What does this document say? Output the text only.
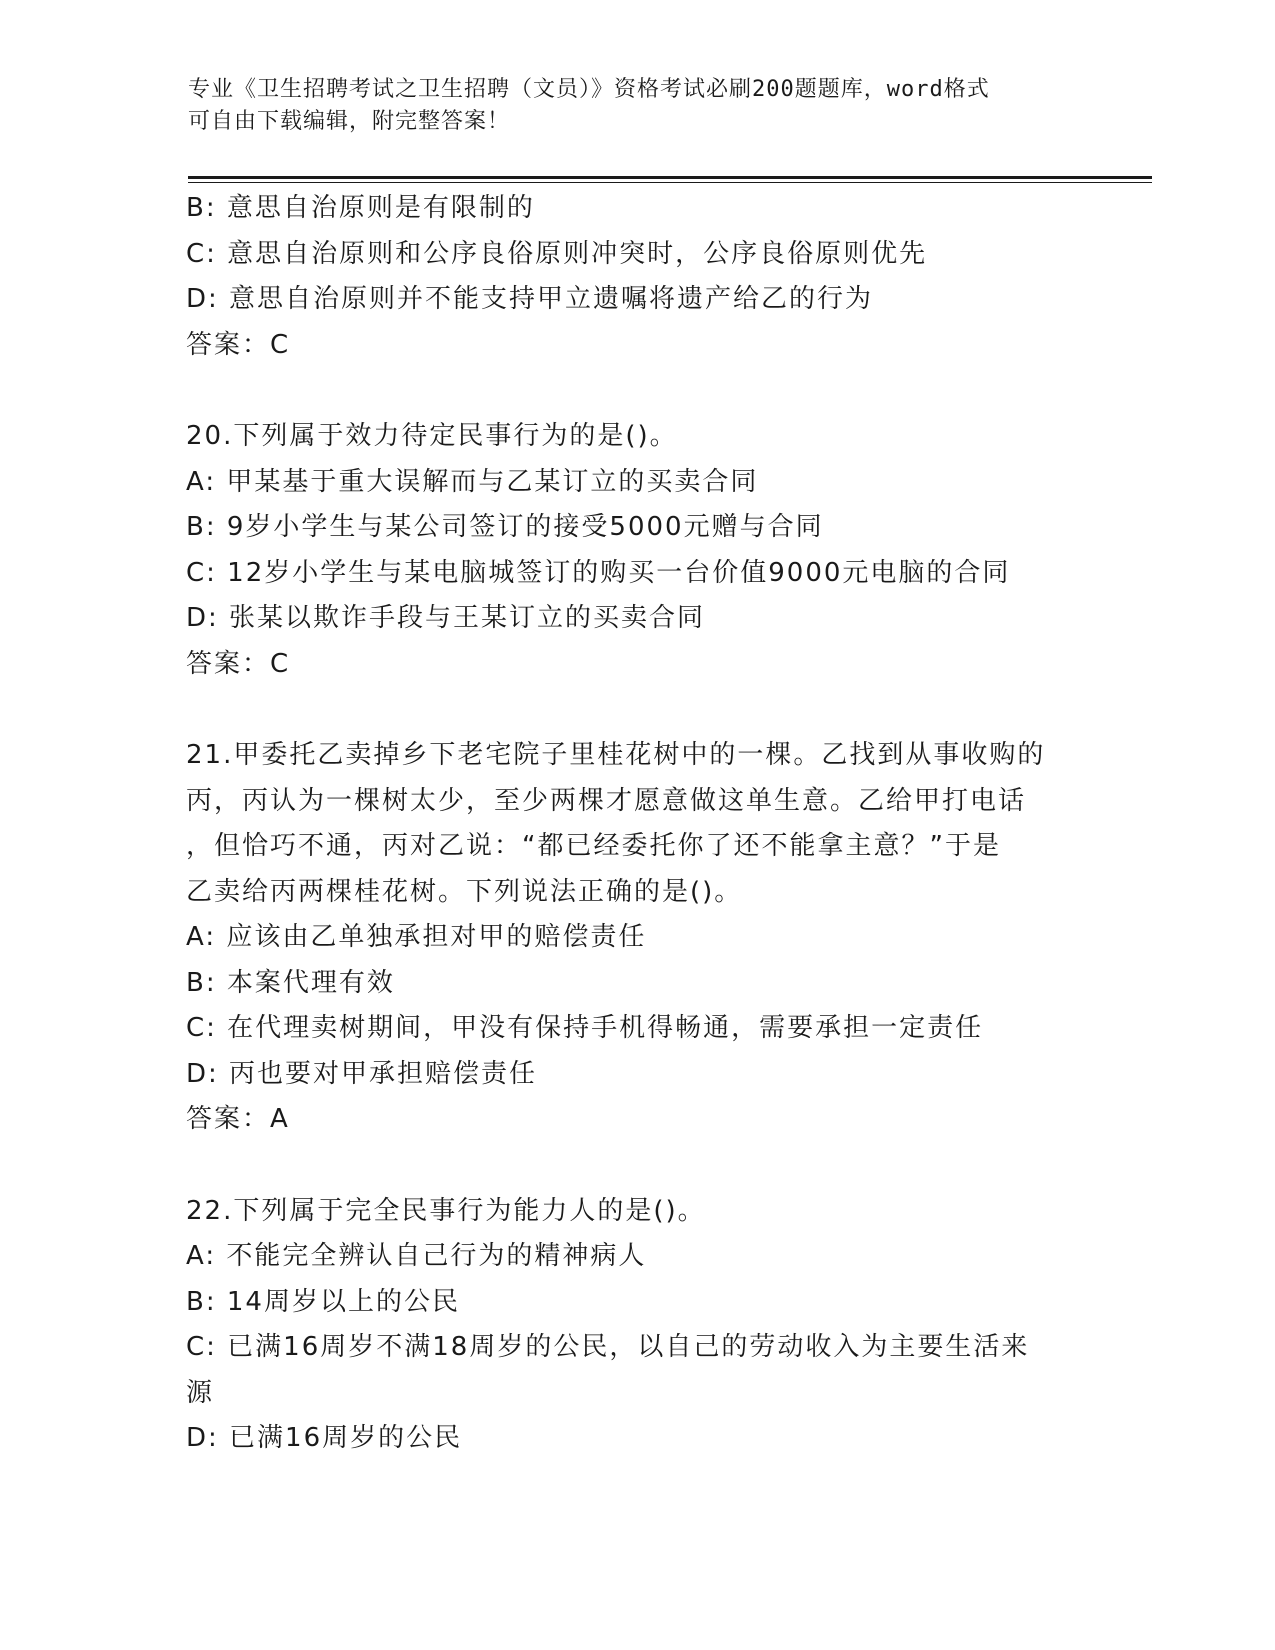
专业《卫生招聘考试之卫生招聘（文员）》资格考试必刷200题题库，word格式
可自由下载编辑，附完整答案！
B: 意思自治原则是有限制的
C: 意思自治原则和公序良俗原则冲突时，公序良俗原则优先
D: 意思自治原则并不能支持甲立遗嘱将遗产给乙的行为
答案：C
20.下列属于效力待定民事行为的是()。
A: 甲某基于重大误解而与乙某订立的买卖合同
B: 9岁小学生与某公司签订的接受5000元赠与合同
C: 12岁小学生与某电脑城签订的购买一台价值9000元电脑的合同
D: 张某以欺诈手段与王某订立的买卖合同
答案：C
21.甲委托乙卖掉乡下老宅院子里桂花树中的一棵。乙找到从事收购的
丙，丙认为一棵树太少，至少两棵才愿意做这单生意。乙给甲打电话
，但恰巧不通，丙对乙说：“都已经委托你了还不能拿主意？”于是
乙卖给丙两棵桂花树。下列说法正确的是()。
A: 应该由乙单独承担对甲的赔偿责任
B: 本案代理有效
C: 在代理卖树期间，甲没有保持手机得畅通，需要承担一定责任
D: 丙也要对甲承担赔偿责任
答案：A
22.下列属于完全民事行为能力人的是()。
A: 不能完全辨认自己行为的精神病人
B: 14周岁以上的公民
C: 已满16周岁不满18周岁的公民，以自己的劳动收入为主要生活来
源
D: 已满16周岁的公民
